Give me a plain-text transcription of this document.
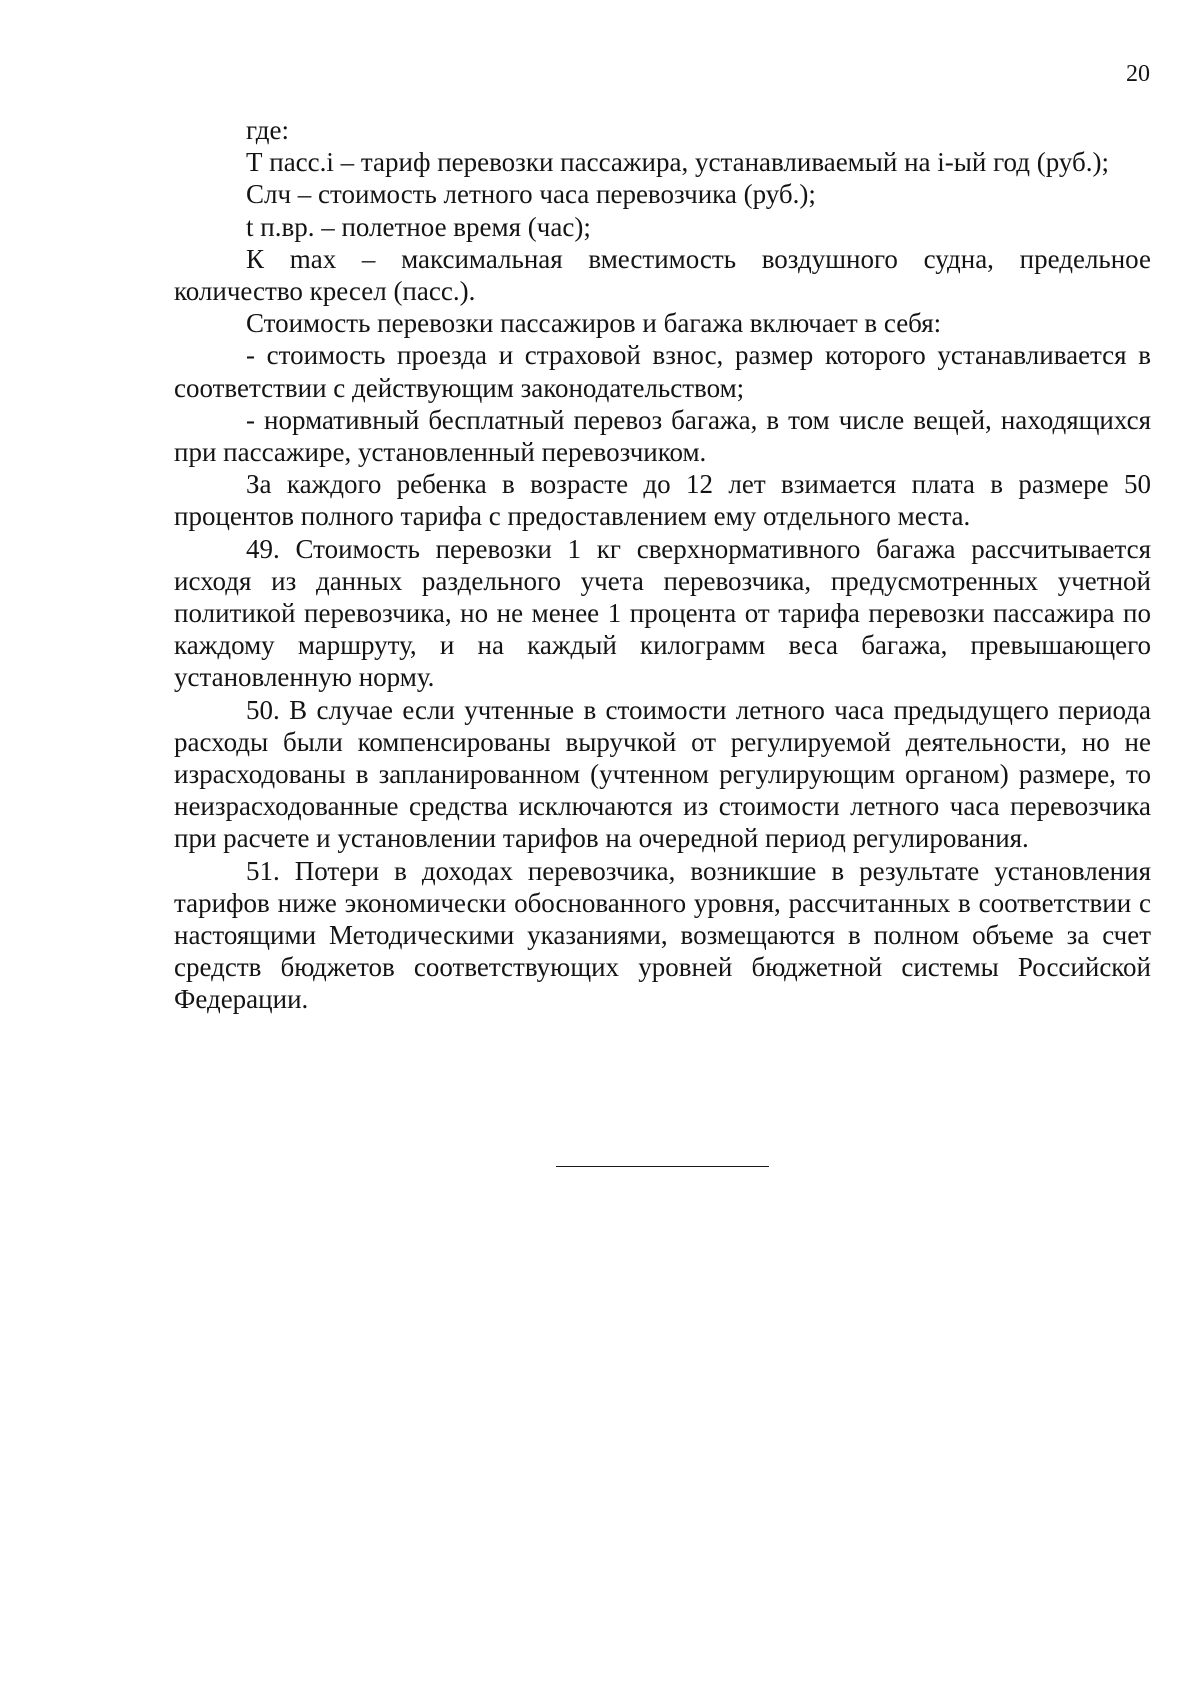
20

где:

Т пасс.i – тариф перевозки пассажира, устанавливаемый на i-ый год (руб.);

Слч – стоимость летного часа перевозчика (руб.);

t п.вр. – полетное время (час);

К max – максимальная вместимость воздушного судна, предельное количество кресел (пасс.).

Стоимость перевозки пассажиров и багажа включает в себя:

- стоимость проезда и страховой взнос, размер которого устанавливается в соответствии с действующим законодательством;

- нормативный бесплатный перевоз багажа, в том числе вещей, находящихся при пассажире, установленный перевозчиком.

За каждого ребенка в возрасте до 12 лет взимается плата в размере 50 процентов полного тарифа с предоставлением ему отдельного места.

49. Стоимость перевозки 1 кг сверхнормативного багажа рассчитывается исходя из данных раздельного учета перевозчика, предусмотренных учетной политикой перевозчика, но не менее 1 процента от тарифа перевозки пассажира по каждому маршруту, и на каждый килограмм веса багажа, превышающего установленную норму.

50. В случае если учтенные в стоимости летного часа предыдущего периода расходы были компенсированы выручкой от регулируемой деятельности, но не израсходованы в запланированном (учтенном регулирующим органом) размере, то неизрасходованные средства исключаются из стоимости летного часа перевозчика при расчете и установлении тарифов на очередной период регулирования.

51. Потери в доходах перевозчика, возникшие в результате установления тарифов ниже экономически обоснованного уровня, рассчитанных в соответствии с настоящими Методическими указаниями, возмещаются в полном объеме за счет средств бюджетов соответствующих уровней бюджетной системы Российской Федерации.
